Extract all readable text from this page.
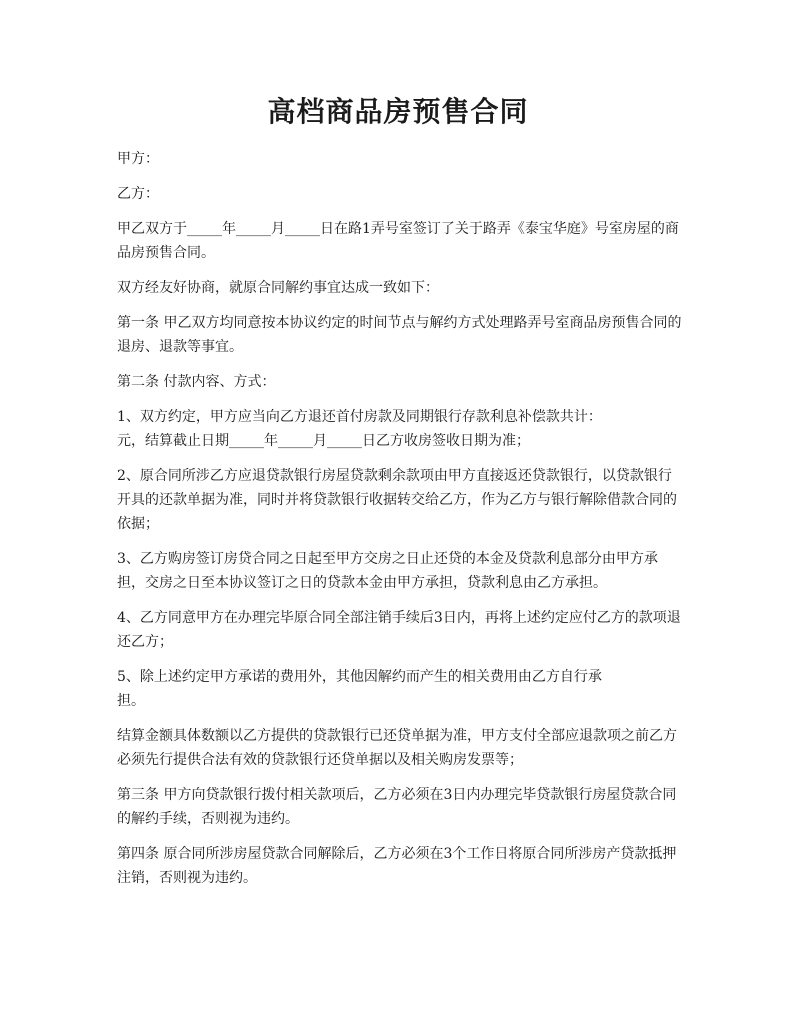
高档商品房预售合同

甲方：

乙方：

甲乙双方于_____年_____月_____日在路1弄号室签订了关于路弄《泰宝华庭》号室房屋的商品房预售合同。

双方经友好协商，就原合同解约事宜达成一致如下：

第一条 甲乙双方均同意按本协议约定的时间节点与解约方式处理路弄号室商品房预售合同的退房、退款等事宜。

第二条 付款内容、方式：

1、双方约定，甲方应当向乙方退还首付房款及同期银行存款利息补偿款共计：
元，结算截止日期_____年_____月_____日乙方收房签收日期为准；

2、原合同所涉乙方应退贷款银行房屋贷款剩余款项由甲方直接返还贷款银行，以贷款银行开具的还款单据为准，同时并将贷款银行收据转交给乙方，作为乙方与银行解除借款合同的依据；

3、乙方购房签订房贷合同之日起至甲方交房之日止还贷的本金及贷款利息部分由甲方承担，交房之日至本协议签订之日的贷款本金由甲方承担，贷款利息由乙方承担。

4、乙方同意甲方在办理完毕原合同全部注销手续后3日内，再将上述约定应付乙方的款项退还乙方；

5、除上述约定甲方承诺的费用外，其他因解约而产生的相关费用由乙方自行承
担。

结算金额具体数额以乙方提供的贷款银行已还贷单据为准，甲方支付全部应退款项之前乙方必须先行提供合法有效的贷款银行还贷单据以及相关购房发票等；

第三条 甲方向贷款银行拨付相关款项后，乙方必须在3日内办理完毕贷款银行房屋贷款合同的解约手续，否则视为违约。

第四条 原合同所涉房屋贷款合同解除后，乙方必须在3个工作日将原合同所涉房产贷款抵押注销，否则视为违约。
